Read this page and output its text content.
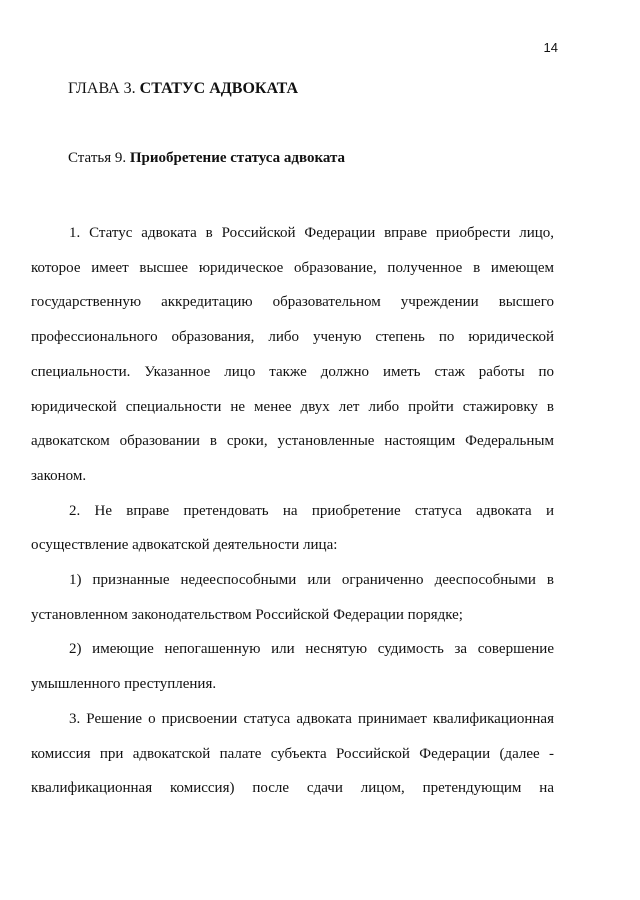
14
ГЛАВА 3. СТАТУС АДВОКАТА
Статья 9. Приобретение статуса адвоката

1. Статус адвоката в Российской Федерации вправе приобрести лицо,
которое имеет высшее юридическое образование, полученное в имеющем
государственную аккредитацию образовательном учреждении высшего
профессионального образования, либо ученую степень по юридической
специальности. Указанное лицо также должно иметь стаж работы по
юридической специальности не менее двух лет либо пройти стажировку в
адвокатском образовании в сроки, установленные настоящим Федеральным
законом.

2. Не вправе претендовать на приобретение статуса адвоката и
осуществление адвокатской деятельности лица:

1) признанные недееспособными или ограниченно дееспособными в
установленном законодательством Российской Федерации порядке;

2) имеющие непогашенную или неснятую судимость за совершение
умышленного преступления.

3. Решение о присвоении статуса адвоката принимает квалификационная
комиссия при адвокатской палате субъекта Российской Федерации (далее -
квалификационная комиссия) после сдачи лицом, претендующим на
